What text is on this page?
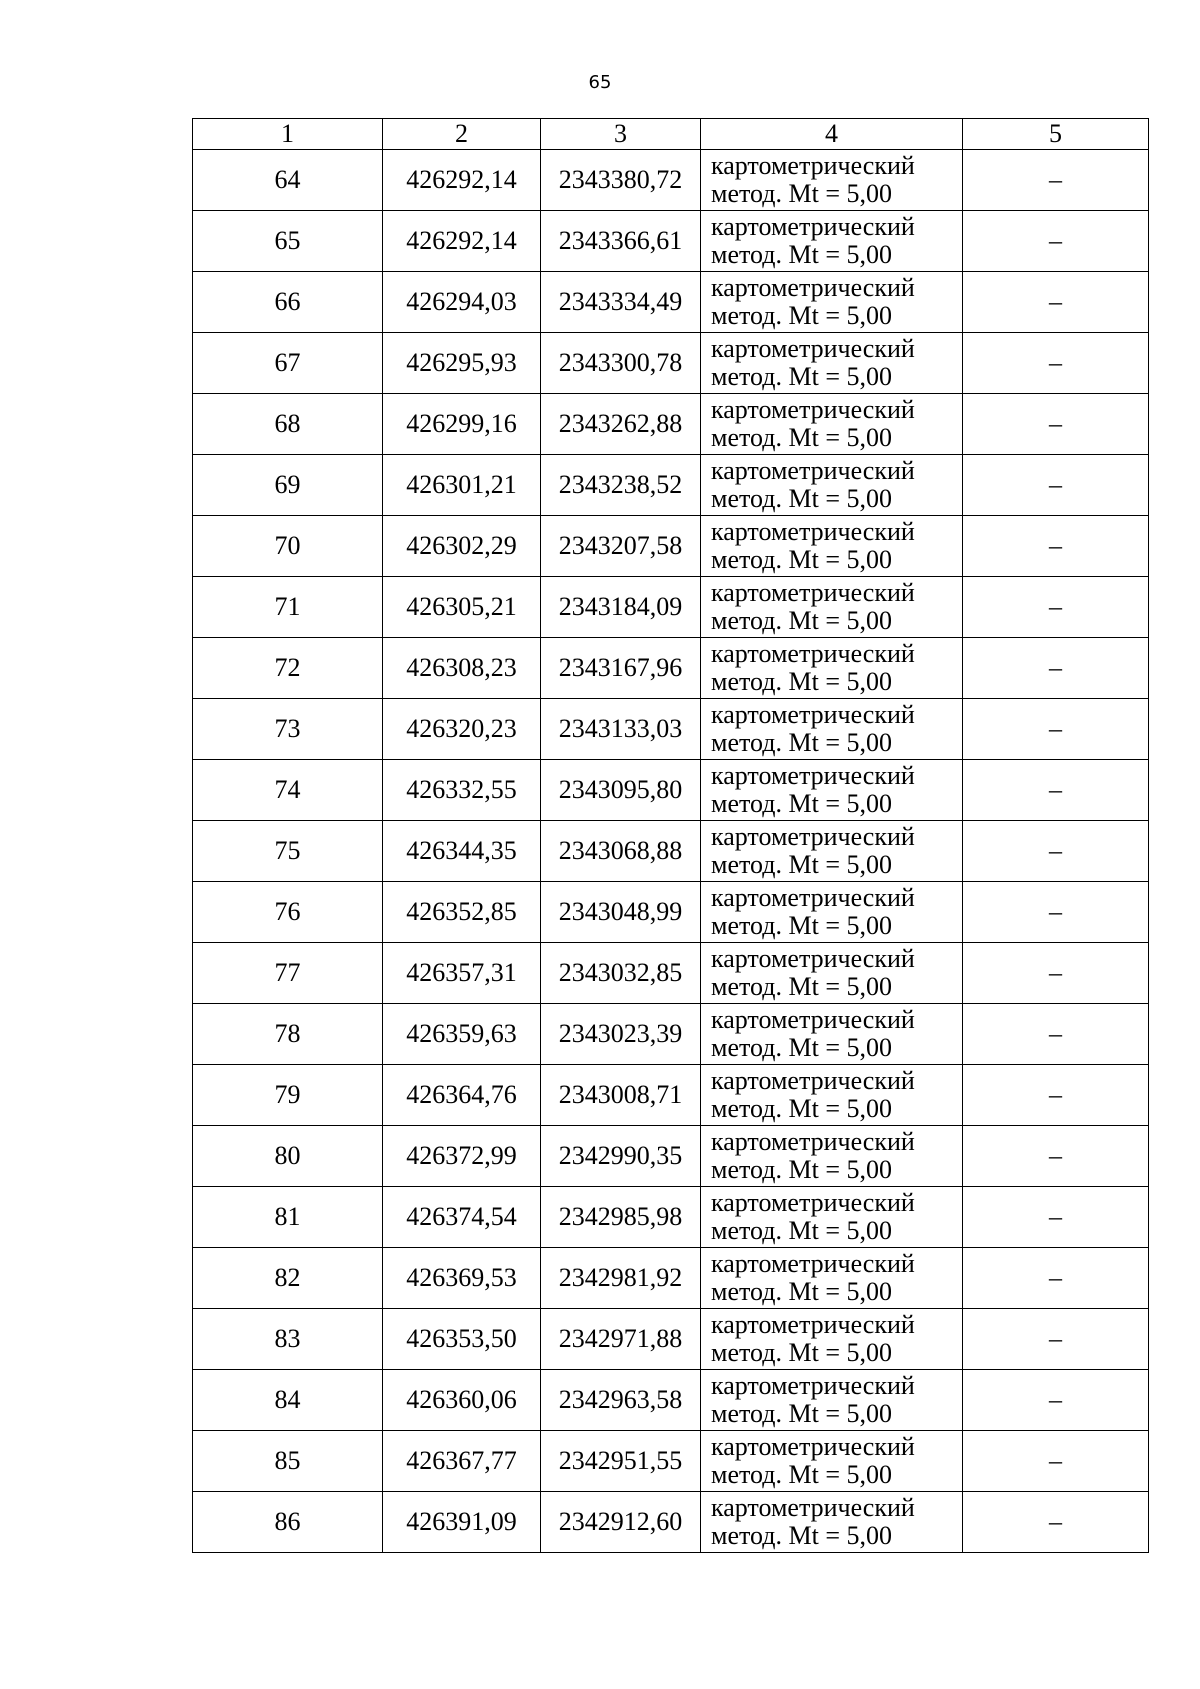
65
1	2	3	4	5
64	426292,14	2343380,72	картометрический
метод. Mt = 5,00	–
65	426292,14	2343366,61	картометрический
метод. Mt = 5,00	–
66	426294,03	2343334,49	картометрический
метод. Mt = 5,00	–
67	426295,93	2343300,78	картометрический
метод. Mt = 5,00	–
68	426299,16	2343262,88	картометрический
метод. Mt = 5,00	–
69	426301,21	2343238,52	картометрический
метод. Mt = 5,00	–
70	426302,29	2343207,58	картометрический
метод. Mt = 5,00	–
71	426305,21	2343184,09	картометрический
метод. Mt = 5,00	–
72	426308,23	2343167,96	картометрический
метод. Mt = 5,00	–
73	426320,23	2343133,03	картометрический
метод. Mt = 5,00	–
74	426332,55	2343095,80	картометрический
метод. Mt = 5,00	–
75	426344,35	2343068,88	картометрический
метод. Mt = 5,00	–
76	426352,85	2343048,99	картометрический
метод. Mt = 5,00	–
77	426357,31	2343032,85	картометрический
метод. Mt = 5,00	–
78	426359,63	2343023,39	картометрический
метод. Mt = 5,00	–
79	426364,76	2343008,71	картометрический
метод. Mt = 5,00	–
80	426372,99	2342990,35	картометрический
метод. Mt = 5,00	–
81	426374,54	2342985,98	картометрический
метод. Mt = 5,00	–
82	426369,53	2342981,92	картометрический
метод. Mt = 5,00	–
83	426353,50	2342971,88	картометрический
метод. Mt = 5,00	–
84	426360,06	2342963,58	картометрический
метод. Mt = 5,00	–
85	426367,77	2342951,55	картометрический
метод. Mt = 5,00	–
86	426391,09	2342912,60	картометрический
метод. Mt = 5,00	–
